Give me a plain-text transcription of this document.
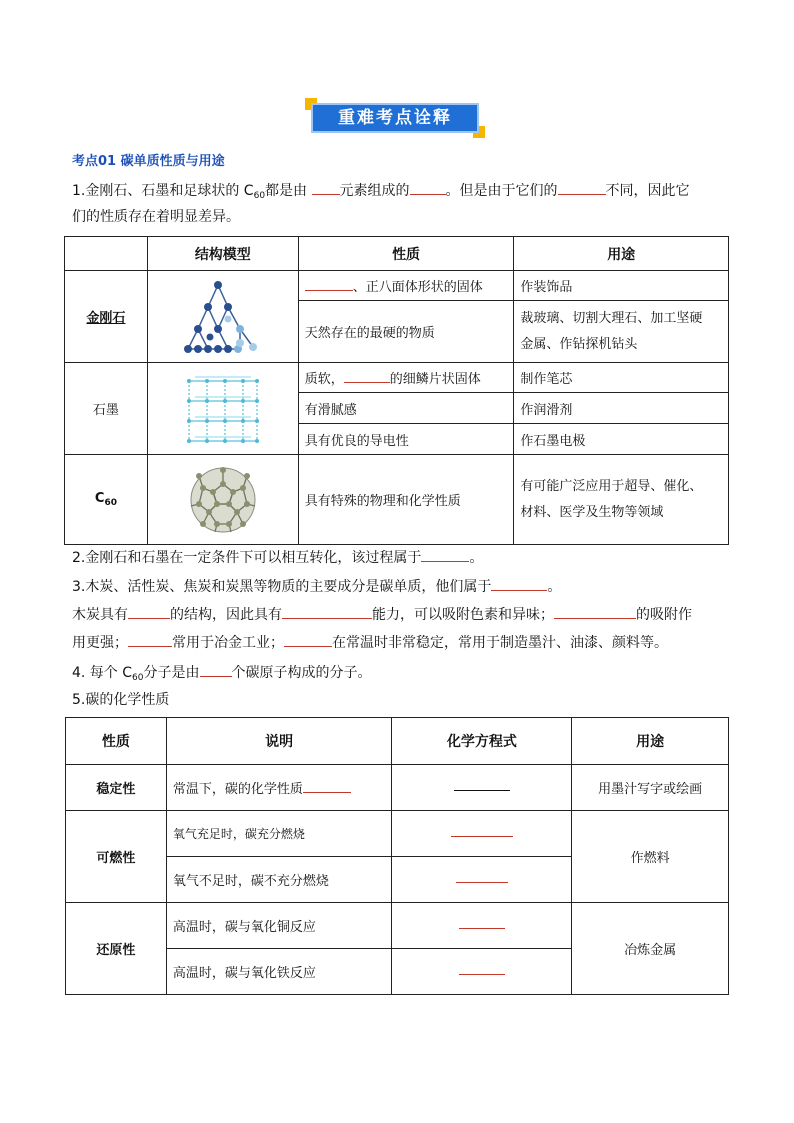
重难考点诠释
考点01 碳单质性质与用途
1.金刚石、石墨和足球状的 $C_{60}$都是由 元素组成的	。但是由于它们的	不同，因此它
们的性质存在着明显差异。
	结构模型	性质	用途
金刚石		、正八面体形状的固体	作装饰品
		天然存在的最硬的物质	裁玻璃、切割大理石、加工坚硬
金属、作钻探机钻头
石墨		质软， 的细鳞片状固体	制作笔芯
		有滑腻感	作润滑剂
		具有优良的导电性	作石墨电极
$C_{60}$		具有特殊的物理和化学性质	有可能广泛应用于超导、催化、
材料、医学及生物等领域
2.金刚石和石墨在一定条件下可以相互转化，该过程属于	。
3.木炭、活性炭、焦炭和炭黑等物质的主要成分是碳单质，他们属于	。
木炭具有	的结构，因此具有	能力，可以吸附色素和异味；	的吸附作
用更强；	常用于冶金工业；	在常温时非常稳定，常用于制造墨汁、油漆、颜料等。
4. 每个 $C_{60}$分子是由 个碳原子构成的分子。
5.碳的化学性质
性质	说明	化学方程式	用途
稳定性	常温下，碳的化学性质		用墨汁写字或绘画
可燃性	氧气充足时，碳充分燃烧		作燃料
	氧气不足时，碳不充分燃烧		
还原性	高温时，碳与氧化铜反应		冶炼金属
	高温时，碳与氧化铁反应		
